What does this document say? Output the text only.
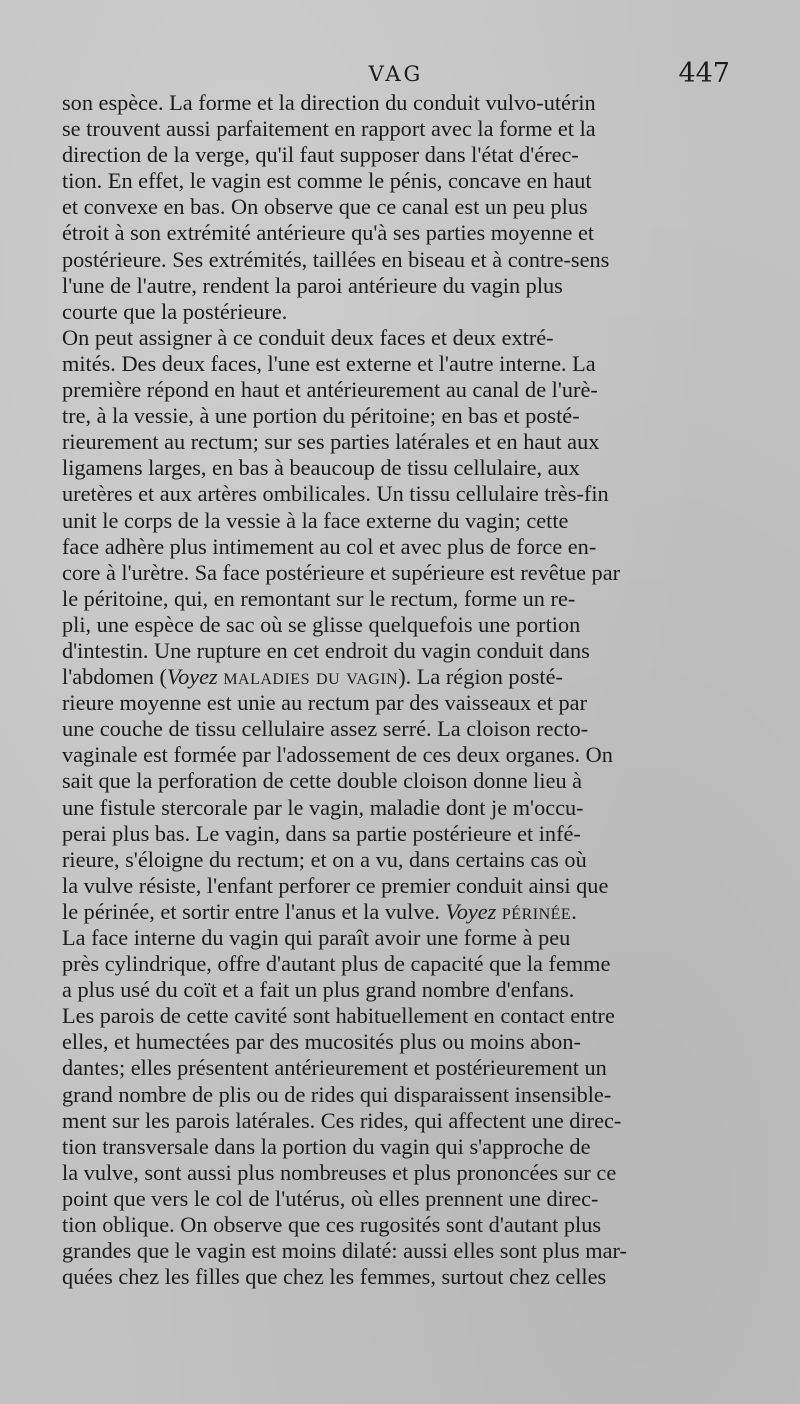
VAG	447

son espèce. La forme et la direction du conduit vulvo-utérin
se trouvent aussi parfaitement en rapport avec la forme et la
direction de la verge, qu'il faut supposer dans l'état d'érec-
tion. En effet, le vagin est comme le pénis, concave en haut
et convexe en bas. On observe que ce canal est un peu plus
étroit à son extrémité antérieure qu'à ses parties moyenne et
postérieure. Ses extrémités, taillées en biseau et à contre-sens
l'une de l'autre, rendent la paroi antérieure du vagin plus
courte que la postérieure.

On peut assigner à ce conduit deux faces et deux extré-
mités. Des deux faces, l'une est externe et l'autre interne. La
première répond en haut et antérieurement au canal de l'urè-
tre, à la vessie, à une portion du péritoine; en bas et posté-
rieurement au rectum; sur ses parties latérales et en haut aux
ligamens larges, en bas à beaucoup de tissu cellulaire, aux
uretères et aux artères ombilicales. Un tissu cellulaire très-fin
unit le corps de la vessie à la face externe du vagin; cette
face adhère plus intimement au col et avec plus de force en-
core à l'urètre. Sa face postérieure et supérieure est revêtue par
le péritoine, qui, en remontant sur le rectum, forme un re-
pli, une espèce de sac où se glisse quelquefois une portion
d'intestin. Une rupture en cet endroit du vagin conduit dans
l'abdomen (Voyez maladies du vagin). La région posté-
rieure moyenne est unie au rectum par des vaisseaux et par
une couche de tissu cellulaire assez serré. La cloison recto-
vaginale est formée par l'adossement de ces deux organes. On
sait que la perforation de cette double cloison donne lieu à
une fistule stercorale par le vagin, maladie dont je m'occu-
perai plus bas. Le vagin, dans sa partie postérieure et infé-
rieure, s'éloigne du rectum; et on a vu, dans certains cas où
la vulve résiste, l'enfant perforer ce premier conduit ainsi que
le périnée, et sortir entre l'anus et la vulve. Voyez périnée.

La face interne du vagin qui paraît avoir une forme à peu
près cylindrique, offre d'autant plus de capacité que la femme
a plus usé du coït et a fait un plus grand nombre d'enfans.
Les parois de cette cavité sont habituellement en contact entre
elles, et humectées par des mucosités plus ou moins abon-
dantes; elles présentent antérieurement et postérieurement un
grand nombre de plis ou de rides qui disparaissent insensible-
ment sur les parois latérales. Ces rides, qui affectent une direc-
tion transversale dans la portion du vagin qui s'approche de
la vulve, sont aussi plus nombreuses et plus prononcées sur ce
point que vers le col de l'utérus, où elles prennent une direc-
tion oblique. On observe que ces rugosités sont d'autant plus
grandes que le vagin est moins dilaté: aussi elles sont plus mar-
quées chez les filles que chez les femmes, surtout chez celles
